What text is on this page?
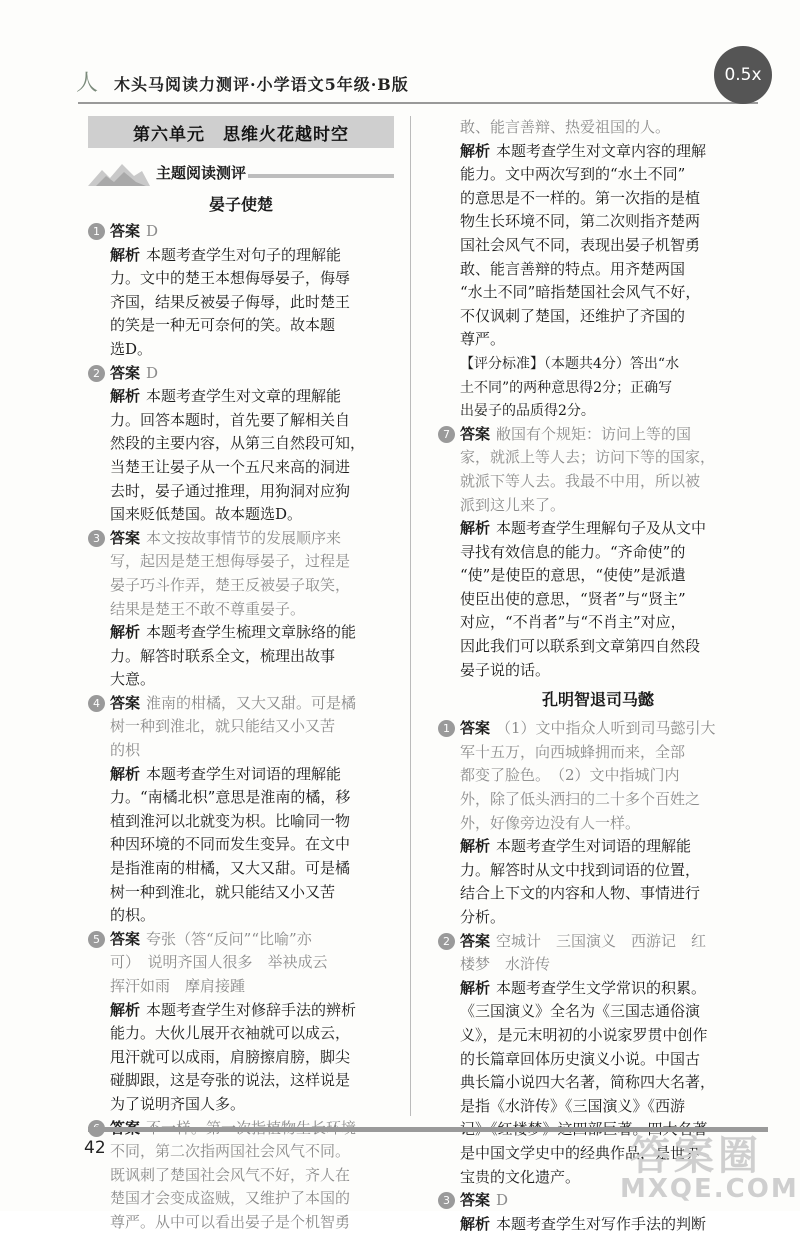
人 木头马阅读力测评·小学语文5年级·B版	0.5x
第六单元　思维火花越时空
主题阅读测评
晏子使楚
1 答案 D
解析 本题考查学生对句子的理解能
力。文中的楚王本想侮辱晏子，侮辱
齐国，结果反被晏子侮辱，此时楚王
的笑是一种无可奈何的笑。故本题
选D。
2 答案 D
解析 本题考查学生对文章的理解能
力。回答本题时，首先要了解相关自
然段的主要内容，从第三自然段可知，
当楚王让晏子从一个五尺来高的洞进
去时，晏子通过推理，用狗洞对应狗
国来贬低楚国。故本题选D。
3 答案 本文按故事情节的发展顺序来
写，起因是楚王想侮辱晏子，过程是
晏子巧斗作弄，楚王反被晏子取笑，
结果是楚王不敢不尊重晏子。
解析 本题考查学生梳理文章脉络的能
力。解答时联系全文，梳理出故事
大意。
4 答案 淮南的柑橘，又大又甜。可是橘
树一种到淮北，就只能结又小又苦
的枳
解析 本题考查学生对词语的理解能
力。“南橘北枳”意思是淮南的橘，移
植到淮河以北就变为枳。比喻同一物
种因环境的不同而发生变异。在文中
是指淮南的柑橘，又大又甜。可是橘
树一种到淮北，就只能结又小又苦
的枳。
5 答案 夸张（答“反问”“比喻”亦
可）　说明齐国人很多　举袂成云
挥汗如雨　摩肩接踵
解析 本题考查学生对修辞手法的辨析
能力。大伙儿展开衣袖就可以成云，
甩汗就可以成雨，肩膀擦肩膀，脚尖
碰脚跟，这是夸张的说法，这样说是
为了说明齐国人多。
不同，第二次指两国社会风气不同。
既讽刺了楚国社会风气不好，齐人在
楚国才会变成盗贼，又维护了本国的
尊严。从中可以看出晏子是个机智勇
敢、能言善辩、热爱祖国的人。
解析 本题考查学生对文章内容的理解
能力。文中两次写到的“水土不同”
的意思是不一样的。第一次指的是植
物生长环境不同，第二次则指齐楚两
国社会风气不同，表现出晏子机智勇
敢、能言善辩的特点。用齐楚两国
“水土不同”暗指楚国社会风气不好，
不仅讽刺了楚国，还维护了齐国的
尊严。
【评分标准】（本题共4分）答出“水
土不同”的两种意思得2分；正确写
出晏子的品质得2分。
7 答案 敝国有个规矩：访问上等的国
家，就派上等人去；访问下等的国家，
就派下等人去。我最不中用，所以被
派到这儿来了。
解析 本题考查学生理解句子及从文中
寻找有效信息的能力。“齐命使”的
“使”是使臣的意思，“使使”是派遣
使臣出使的意思，“贤者”与“贤主”
对应，“不肖者”与“不肖主”对应，
因此我们可以联系到文章第四自然段
晏子说的话。
孔明智退司马懿
1 答案 （1）文中指众人听到司马懿引大
军十五万，向西城蜂拥而来，全部
都变了脸色。　（2）文中指城门内
外，除了低头洒扫的二十多个百姓之
外，好像旁边没有人一样。
解析 本题考查学生对词语的理解能
力。解答时从文中找到词语的位置，
结合上下文的内容和人物、事情进行
分析。
2 答案 空城计　三国演义　西游记　红
楼梦　水浒传
解析 本题考查学生文学常识的积累。
《三国演义》全名为《三国志通俗演
义》，是元末明初的小说家罗贯中创作
的长篇章回体历史演义小说。中国古
典长篇小说四大名著，简称四大名著，
是指《水浒传》《三国演义》《西游
是中国文学史中的经典作品，是世界
宝贵的文化遗产。
3 答案 D
解析 本题考查学生对写作手法的判断
42	答案圈
MXQE.COM
